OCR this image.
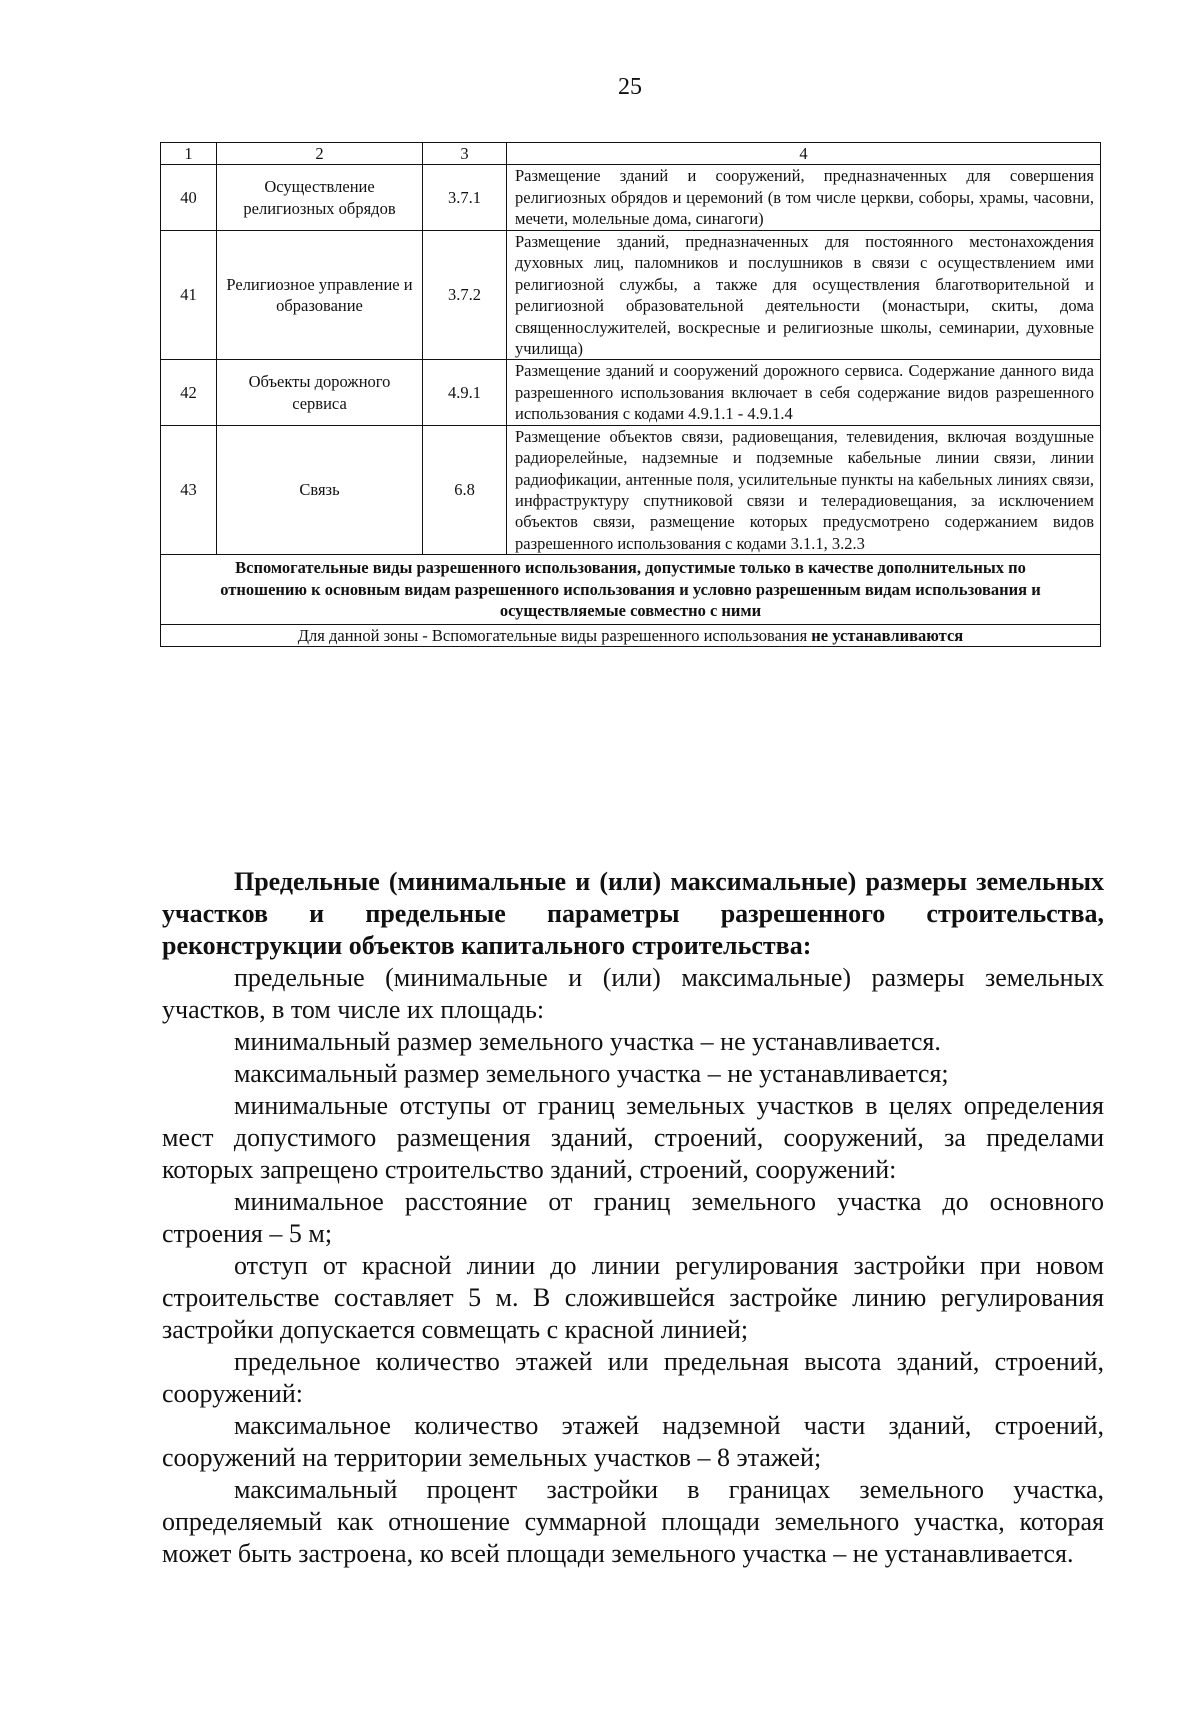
25
1	2	3	4
40	Осуществление религиозных обрядов	3.7.1	Размещение зданий и сооружений, предназначенных для совершения религиозных обрядов и церемоний (в том числе церкви, соборы, храмы, часовни, мечети, молельные дома, синагоги)
41	Религиозное управление и образование	3.7.2	Размещение зданий, предназначенных для постоянного местонахождения духовных лиц, паломников и послушников в связи с осуществлением ими религиозной службы, а также для осуществления благотворительной и религиозной образовательной деятельности (монастыри, скиты, дома священнослужителей, воскресные и религиозные школы, семинарии, духовные училища)
42	Объекты дорожного сервиса	4.9.1	Размещение зданий и сооружений дорожного сервиса. Содержание данного вида разрешенного использования включает в себя содержание видов разрешенного использования с кодами 4.9.1.1 - 4.9.1.4
43	Связь	6.8	Размещение объектов связи, радиовещания, телевидения, включая воздушные радиорелейные, надземные и подземные кабельные линии связи, линии радиофикации, антенные поля, усилительные пункты на кабельных линиях связи, инфраструктуру спутниковой связи и телерадиовещания, за исключением объектов связи, размещение которых предусмотрено содержанием видов разрешенного использования с кодами 3.1.1, 3.2.3
Вспомогательные виды разрешенного использования, допустимые только в качестве дополнительных по отношению к основным видам разрешенного использования и условно разрешенным видам использования и осуществляемые совместно с ними			
Для данной зоны - Вспомогательные виды разрешенного использования не устанавливаются			

Предельные (минимальные и (или) максимальные) размеры земельных участков и предельные параметры разрешенного строительства, реконструкции объектов капитального строительства:

предельные (минимальные и (или) максимальные) размеры земельных участков, в том числе их площадь:

минимальный размер земельного участка – не устанавливается.

максимальный размер земельного участка – не устанавливается;

минимальные отступы от границ земельных участков в целях определения мест допустимого размещения зданий, строений, сооружений, за пределами которых запрещено строительство зданий, строений, сооружений:

минимальное расстояние от границ земельного участка до основного строения – 5 м;

отступ от красной линии до линии регулирования застройки при новом строительстве составляет 5 м. В сложившейся застройке линию регулирования застройки допускается совмещать с красной линией;

предельное количество этажей или предельная высота зданий, строений, сооружений:

максимальное количество этажей надземной части зданий, строений, сооружений на территории земельных участков – 8 этажей;

максимальный процент застройки в границах земельного участка, определяемый как отношение суммарной площади земельного участка, которая может быть застроена, ко всей площади земельного участка – не устанавливается.
